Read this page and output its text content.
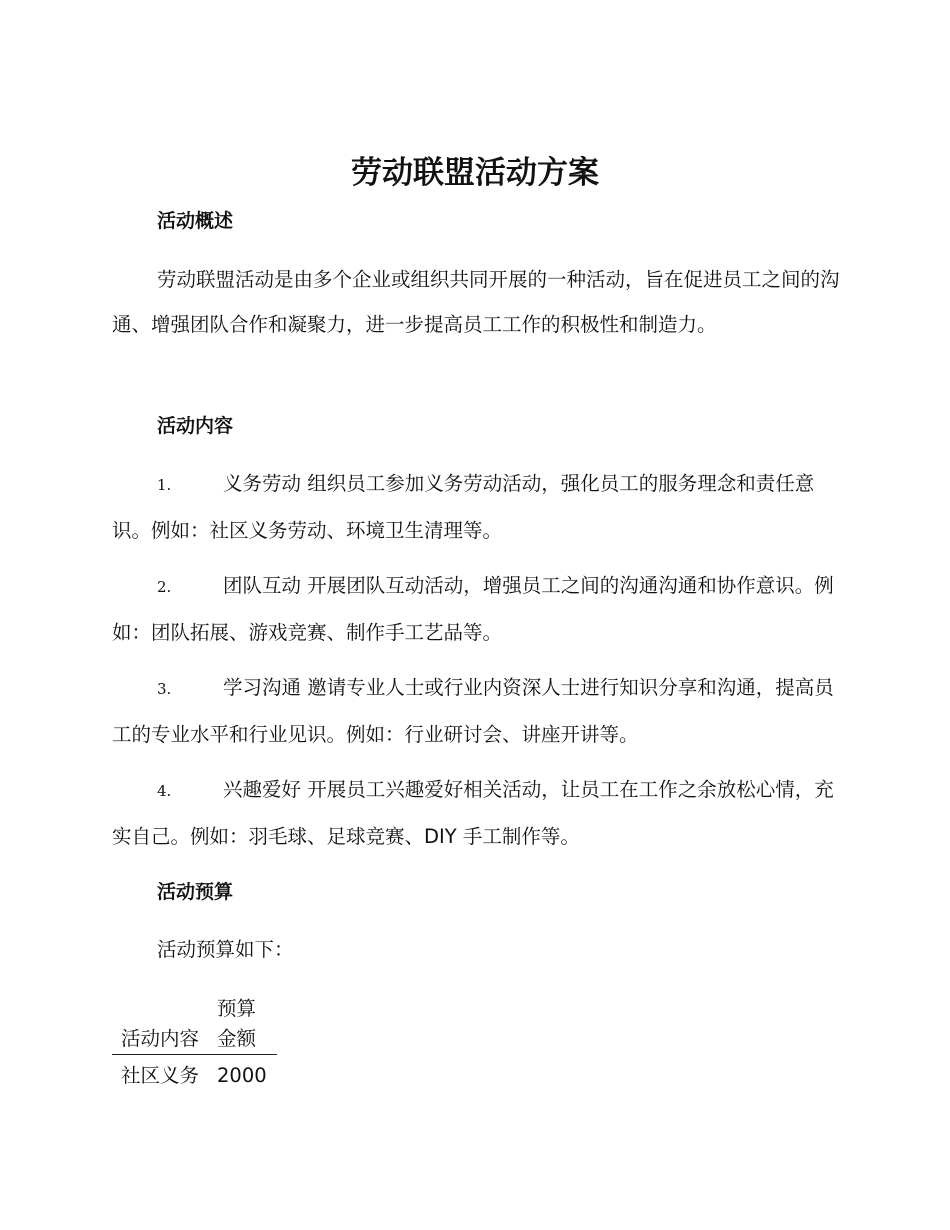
劳动联盟活动方案
活动概述

劳动联盟活动是由多个企业或组织共同开展的一种活动，旨在促进员工之间的沟通、增强团队合作和凝聚力，进一步提高员工工作的积极性和制造力。

活动内容

1.	义务劳动 组织员工参加义务劳动活动，强化员工的服务理念和责任意识。例如：社区义务劳动、环境卫生清理等。

2.	团队互动 开展团队互动活动，增强员工之间的沟通沟通和协作意识。例如：团队拓展、游戏竞赛、制作手工艺品等。

3.	学习沟通 邀请专业人士或行业内资深人士进行知识分享和沟通，提高员工的专业水平和行业见识。例如：行业研讨会、讲座开讲等。

4.	兴趣爱好 开展员工兴趣爱好相关活动，让员工在工作之余放松心情，充实自己。例如：羽毛球、足球竞赛、DIY 手工制作等。

活动预算

活动预算如下：

活动内容	预算金额
社区义务	2000
